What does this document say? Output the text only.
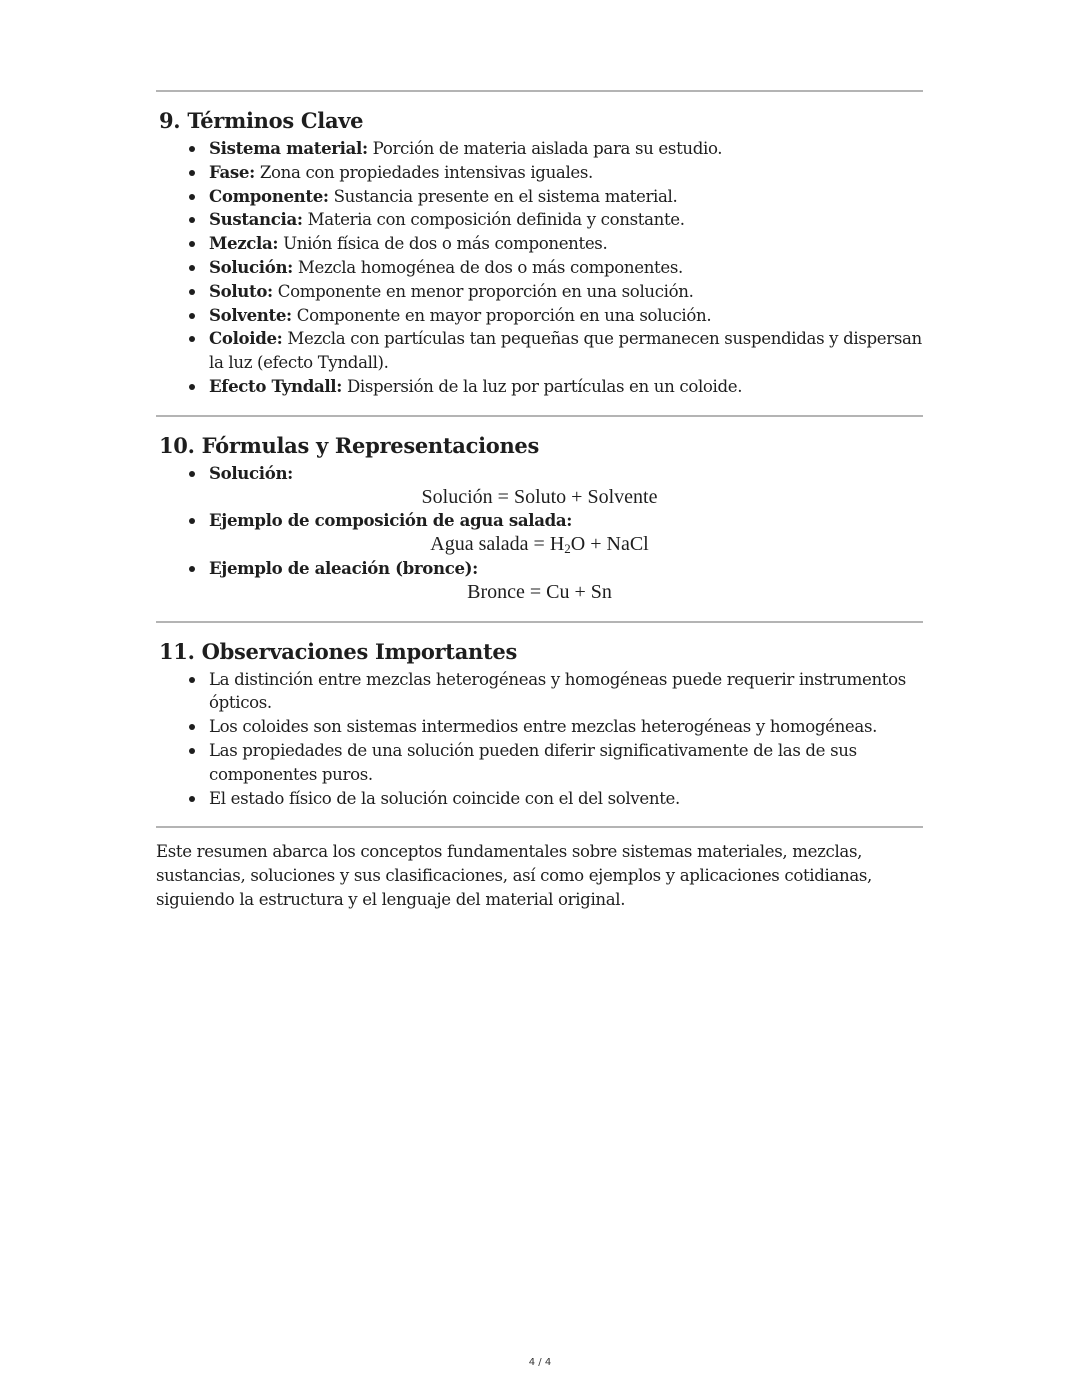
9. Términos Clave
Sistema material: Porción de materia aislada para su estudio.
Fase: Zona con propiedades intensivas iguales.
Componente: Sustancia presente en el sistema material.
Sustancia: Materia con composición definida y constante.
Mezcla: Unión física de dos o más componentes.
Solución: Mezcla homogénea de dos o más componentes.
Soluto: Componente en menor proporción en una solución.
Solvente: Componente en mayor proporción en una solución.
Coloide: Mezcla con partículas tan pequeñas que permanecen suspendidas y dispersan la luz (efecto Tyndall).
Efecto Tyndall: Dispersión de la luz por partículas en un coloide.
10. Fórmulas y Representaciones
Solución:
Solución = Soluto + Solvente
Ejemplo de composición de agua salada:
Agua salada = $H_2O$ + NaCl
Ejemplo de aleación (bronce):
Bronce = Cu + Sn
11. Observaciones Importantes
La distinción entre mezclas heterogéneas y homogéneas puede requerir instrumentos ópticos.
Los coloides son sistemas intermedios entre mezclas heterogéneas y homogéneas.
Las propiedades de una solución pueden diferir significativamente de las de sus componentes puros.
El estado físico de la solución coincide con el del solvente.

Este resumen abarca los conceptos fundamentales sobre sistemas materiales, mezclas, sustancias, soluciones y sus clasificaciones, así como ejemplos y aplicaciones cotidianas, siguiendo la estructura y el lenguaje del material original.

4 / 4
